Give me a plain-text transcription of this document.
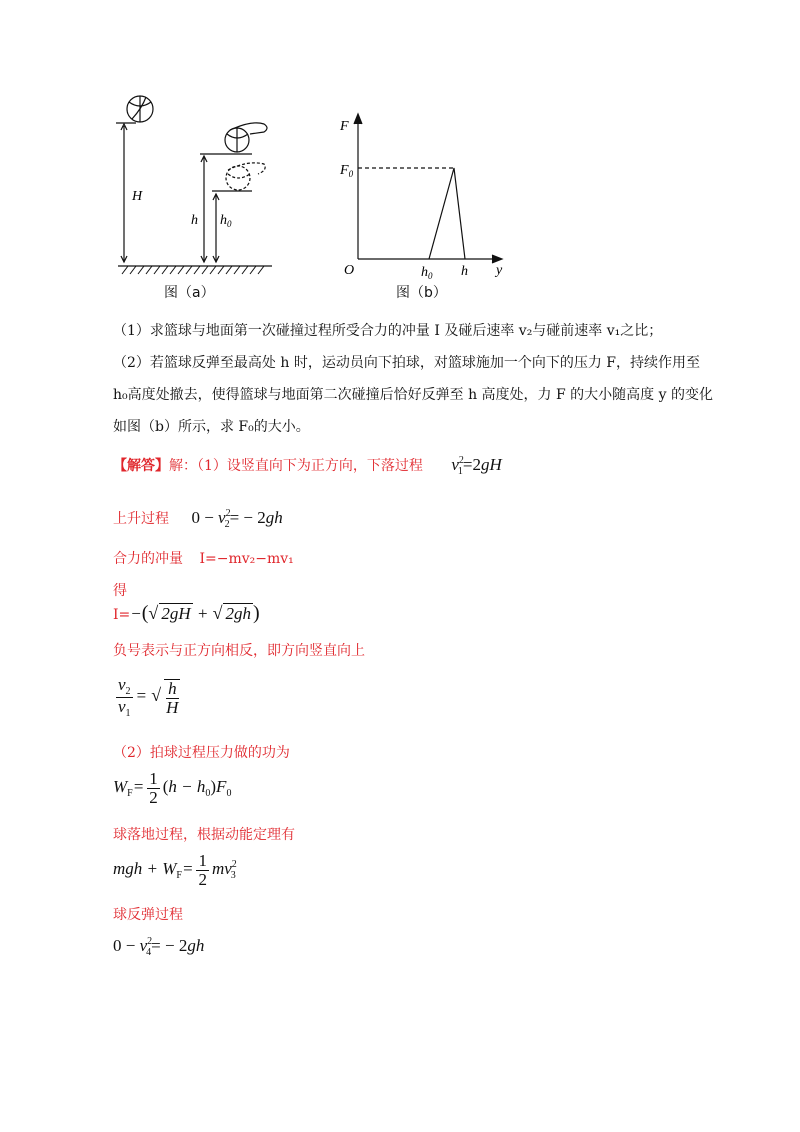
H
h $h_0$
图（a）
F
$F_0$
O	$h_0$ h y
图（b）
（1）求篮球与地面第一次碰撞过程所受合力的冲量 I 及碰后速率 v₂与碰前速率 v₁之比；
（2）若篮球反弹至最高处 h 时，运动员向下拍球，对篮球施加一个向下的压力 F，持续作用至
h₀高度处撤去，使得篮球与地面第二次碰撞后恰好反弹至 h 高度处，力 F 的大小随高度 y 的变化
如图（b）所示，求 F₀的大小。
【解答】解：（1）设竖直向下为正方向，下落过程 $v^2_1=2gH$
上升过程 $0 - v^2_2= - 2gh$
合力的冲量 I=−mv₂−mv₁
得
I=−(√ 2gH + √ 2gh )
负号表示与正方向相反，即方向竖直向上
$\frac{v_2}{v_1}$ = √ $\frac{h}{H}$
（2）拍球过程压力做的功为
$W_F= \frac{1}{2} (h - h_0)F_0$
球落地过程，根据动能定理有
mgh + $W_F= \frac{1}{2} mv^2_3$
球反弹过程
$0 - v^2_4= - 2gh$
